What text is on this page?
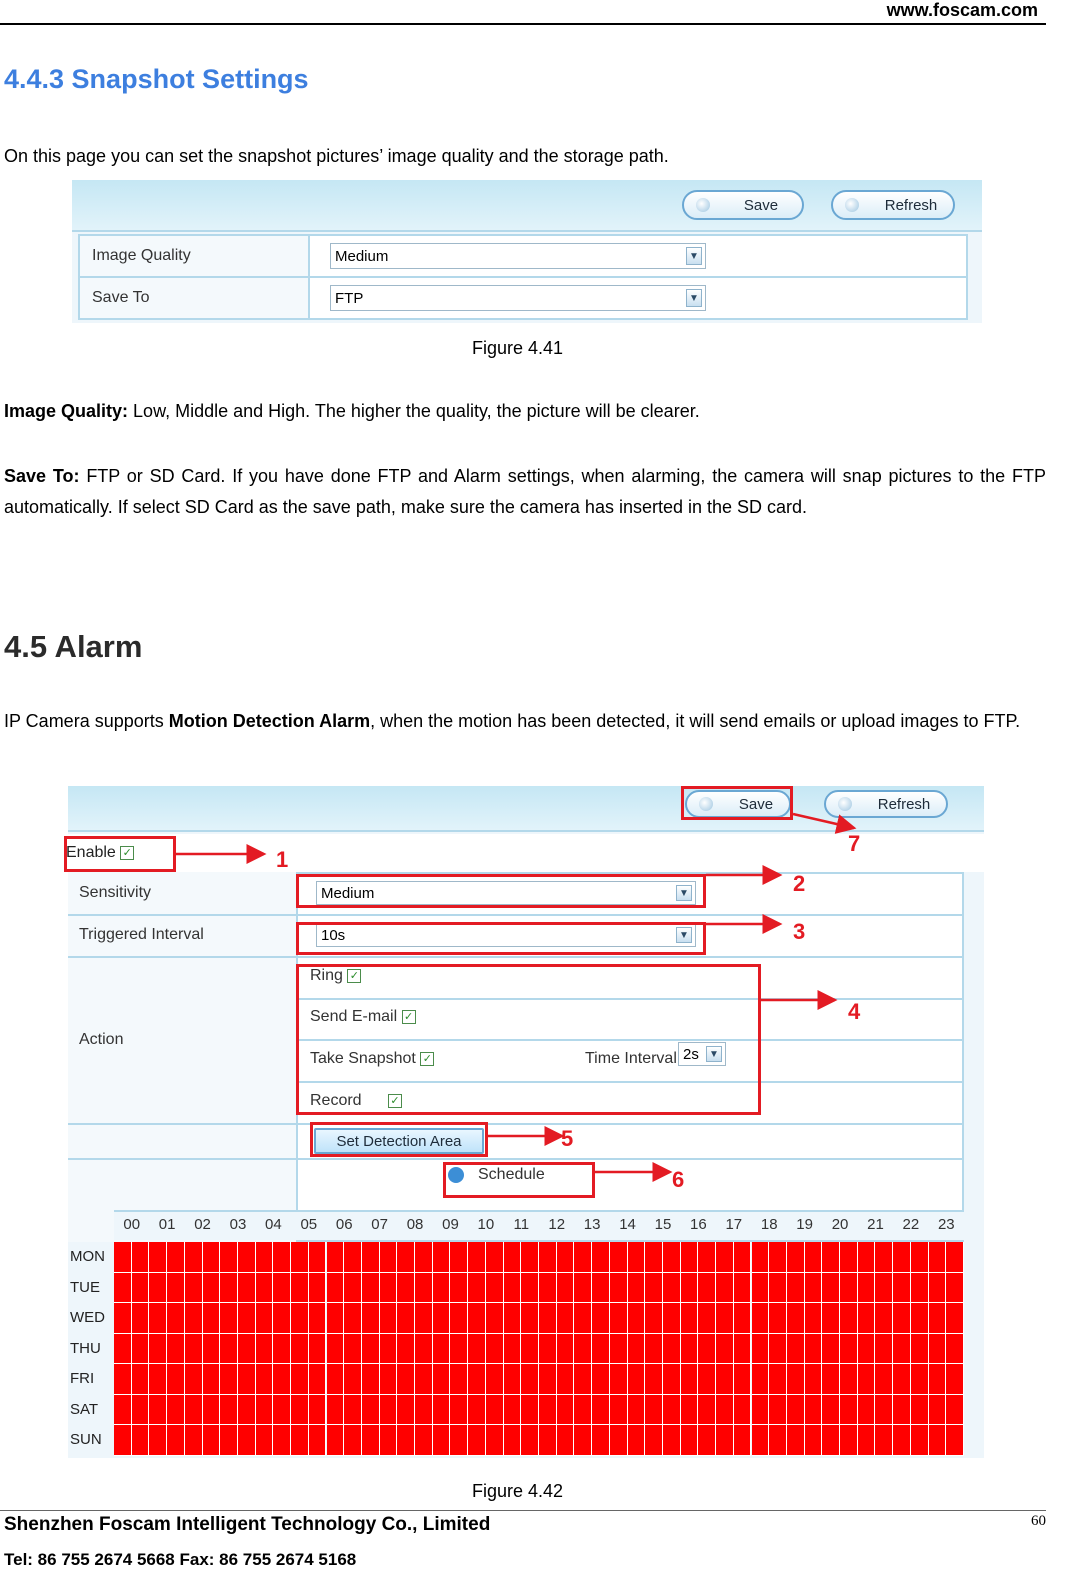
www.foscam.com
4.4.3 Snapshot Settings
On this page you can set the snapshot pictures’ image quality and the storage path.
Save	Refresh
Image Quality	Medium	▼
Save To	FTP	▼
Figure 4.41
Image Quality: Low, Middle and High. The higher the quality, the picture will be clearer.
Save To: FTP or SD Card. If you have done FTP and Alarm settings, when alarming, the camera will snap pictures to the FTP automatically. If select SD Card as the save path, make sure the camera has inserted in the SD card.
4.5 Alarm
IP Camera supports Motion Detection Alarm, when the motion has been detected, it will send emails or upload images to FTP.
Save	Refresh
Enable ✓
Sensitivity	Medium	▼
Triggered Interval	10s	▼
Action
Ring ✓
Send E-mail ✓
Take Snapshot ✓	Time Interval 2s	▼
Record	✓
Set Detection Area
Schedule
00	01	02	03	04	05	06	07	08	09	10	11	12	13	14	15	16	17	18	19	20	21	22	23
MON
TUE
WED
THU
FRI
SAT
SUN
1
2
3
4
5
6
7
Figure 4.42
Shenzhen Foscam Intelligent Technology Co., Limited
Tel: 86 755 2674 5668 Fax: 86 755 2674 5168
60
